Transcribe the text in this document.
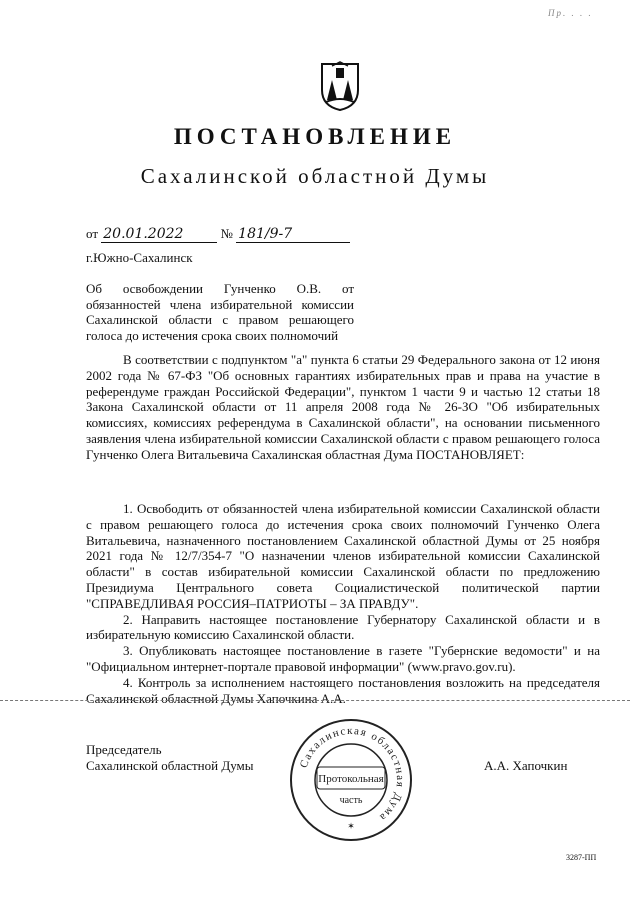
Пр. . . .
ПОСТАНОВЛЕНИЕ
Сахалинской областной Думы
от 20.01.2022	№ 181/9-7
г.Южно-Сахалинск
Об освобождении Гунченко О.В. от обязанностей члена избирательной комиссии Сахалинской области с правом решающего голоса до истечения срока своих полномочий
В соответствии с подпунктом "а" пункта 6 статьи 29 Федерального закона от 12 июня 2002 года № 67-ФЗ "Об основных гарантиях избирательных прав и права на участие в референдуме граждан Российской Федерации", пунктом 1 части 9 и частью 12 статьи 18 Закона Сахалинской области от 11 апреля 2008 года № 26-ЗО "Об избирательных комиссиях, комиссиях референдума в Сахалинской области", на основании письменного заявления члена избирательной комиссии Сахалинской области с правом решающего голоса Гунченко Олега Витальевича Сахалинская областная Дума ПОСТАНОВЛЯЕТ:

1. Освободить от обязанностей члена избирательной комиссии Сахалинской области с правом решающего голоса до истечения срока своих полномочий Гунченко Олега Витальевича, назначенного постановлением Сахалинской областной Думы от 25 ноября 2021 года № 12/7/354-7 "О назначении членов избирательной комиссии Сахалинской области" в состав избирательной комиссии Сахалинской области по предложению Президиума Центрального совета Социалистической политической партии "СПРАВЕДЛИВАЯ РОССИЯ–ПАТРИОТЫ – ЗА ПРАВДУ".

2. Направить настоящее постановление Губернатору Сахалинской области и в избирательную комиссию Сахалинской области.

3. Опубликовать настоящее постановление в газете "Губернские ведомости" и на "Официальном интернет-портале правовой информации" (www.pravo.gov.ru).

4. Контроль за исполнением настоящего постановления возложить на председателя Сахалинской областной Думы Хапочкина А.А.

Председатель
Сахалинской областной Думы	А.А. Хапочкин
Сахалинская областная Дума
Протокольная
часть
✶
3287-ПП
